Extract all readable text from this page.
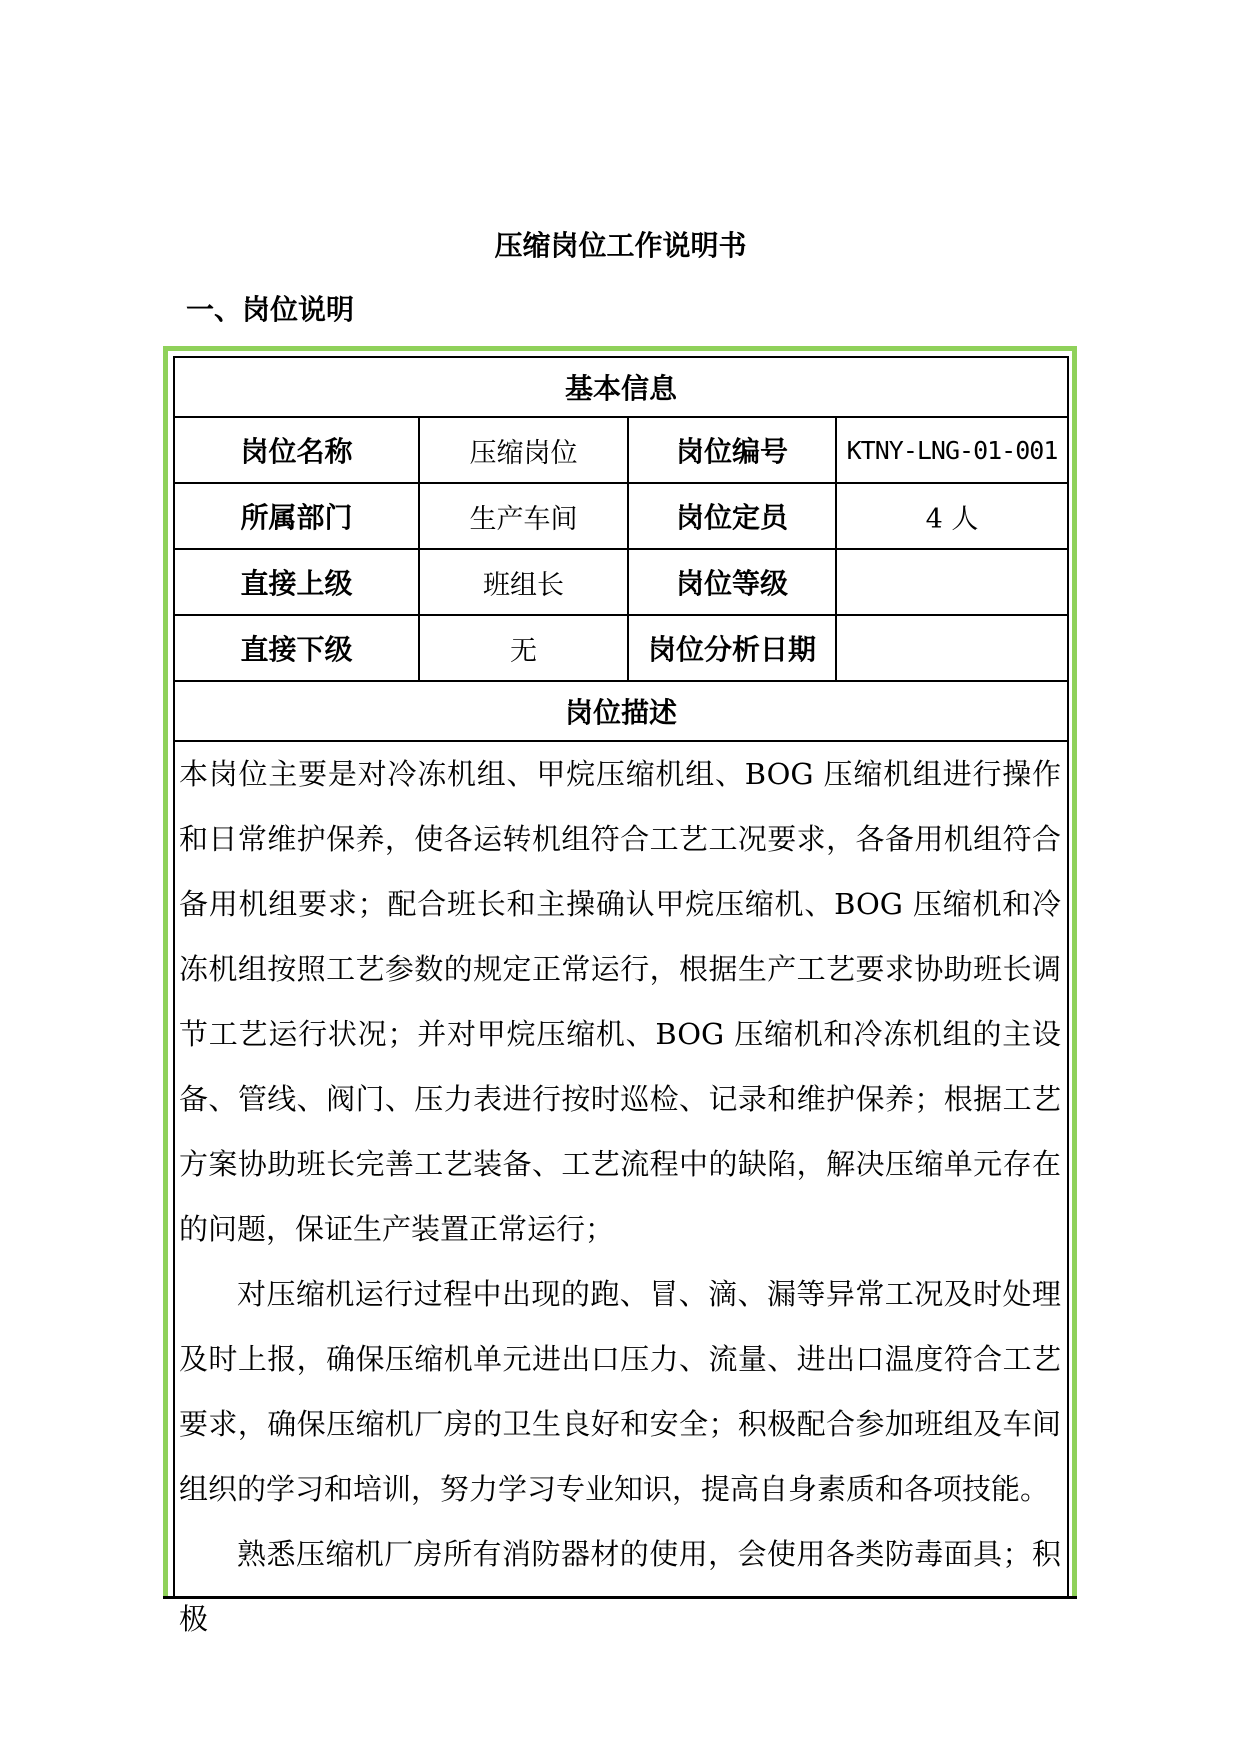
压缩岗位工作说明书
一、岗位说明
基本信息			
岗位名称	压缩岗位	岗位编号	KTNY-LNG-01-001
所属部门	生产车间	岗位定员	4 人
直接上级	班组长	岗位等级	
直接下级	无	岗位分析日期	
岗位描述			

本岗位主要是对冷冻机组、甲烷压缩机组、BOG 压缩机组进行操作和日常维护保养，使各运转机组符合工艺工况要求，各备用机组符合备用机组要求；配合班长和主操确认甲烷压缩机、BOG 压缩机和冷冻机组按照工艺参数的规定正常运行，根据生产工艺要求协助班长调节工艺运行状况；并对甲烷压缩机、BOG 压缩机和冷冻机组的主设备、管线、阀门、压力表进行按时巡检、记录和维护保养；根据工艺方案协助班长完善工艺装备、工艺流程中的缺陷，解决压缩单元存在的问题，保证生产装置正常运行；

对压缩机运行过程中出现的跑、冒、滴、漏等异常工况及时处理及时上报，确保压缩机单元进出口压力、流量、进出口温度符合工艺要求，确保压缩机厂房的卫生良好和安全；积极配合参加班组及车间组织的学习和培训，努力学习专业知识，提高自身素质和各项技能。

熟悉压缩机厂房所有消防器材的使用，会使用各类防毒面具；积极
